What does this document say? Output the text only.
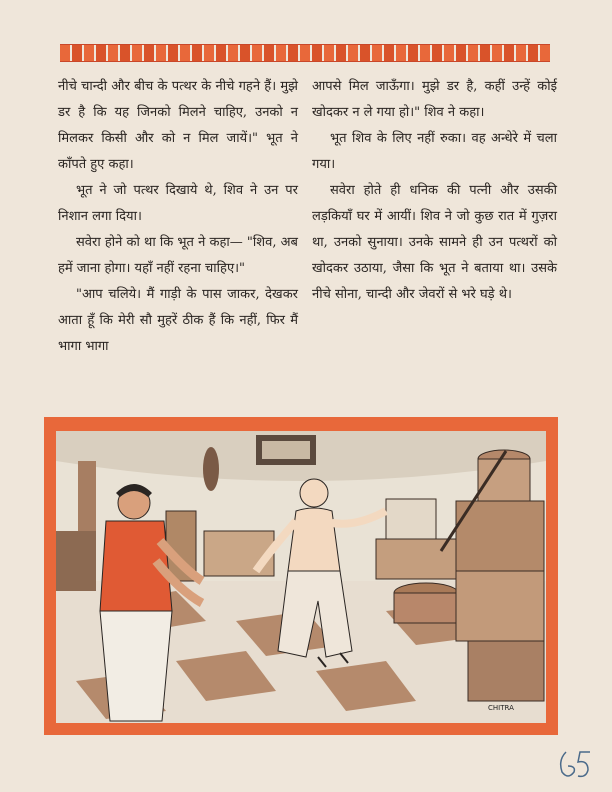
नीचे चान्दी और बीच के पत्थर के नीचे गहने हैं। मुझे डर है कि यह जिनको मिलने चाहिए, उनको न मिलकर किसी और को न मिल जायें।" भूत ने काँपते हुए कहा।

भूत ने जो पत्थर दिखाये थे, शिव ने उन पर निशान लगा दिया।

सवेरा होने को था कि भूत ने कहा— "शिव, अब हमें जाना होगा। यहाँ नहीं रहना चाहिए।"

"आप चलिये। मैं गाड़ी के पास जाकर, देखकर आता हूँ कि मेरी सौ मुहरें ठीक हैं कि नहीं, फिर मैं भागा भागा

आपसे मिल जाऊँगा। मुझे डर है, कहीं उन्हें कोई खोदकर न ले गया हो।" शिव ने कहा।

भूत शिव के लिए नहीं रुका। वह अन्धेरे में चला गया।

सवेरा होते ही धनिक की पत्नी और उसकी लड़कियाँ घर में आयीं। शिव ने जो कुछ रात में गुज़रा था, उनको सुनाया। उनके सामने ही उन पत्थरों को खोदकर उठाया, जैसा कि भूत ने बताया था। उसके नीचे सोना, चान्दी और जेवरों से भरे घड़े थे।

CHITRA
